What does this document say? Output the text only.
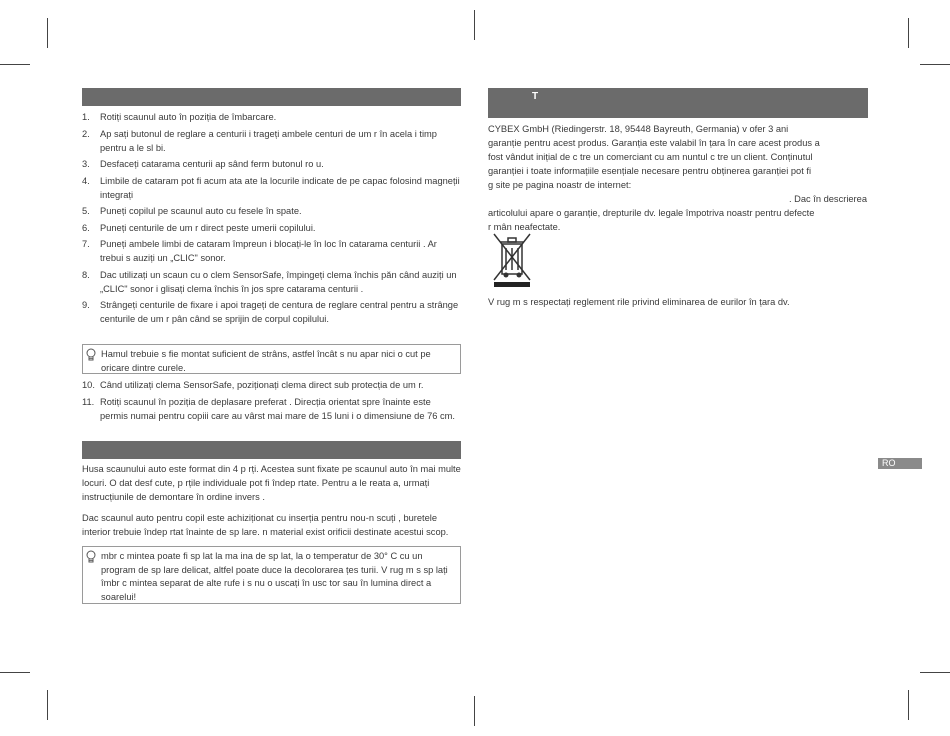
1. Rotiți scaunul auto în poziția de îmbarcare.
2. Ap sați butonul de reglare a centurii i trageți ambele centuri de um r în acela i timp pentru a le sl bi.
3. Desfaceți catarama centurii ap sând ferm butonul ro u.
4. Limbile de cataram pot fi acum ata ate la locurile indicate de pe capac folosind magneții integrați
5. Puneți copilul pe scaunul auto cu fesele în spate.
6. Puneți centurile de um r direct peste umerii copilului.
7. Puneți ambele limbi de cataram împreun i blocați-le în loc în catarama centurii . Ar trebui s auziți un „CLIC" sonor.
8. Dac utilizați un scaun cu o clem SensorSafe, împingeți clema închis păn când auziți un „CLIC" sonor i glisați clema închis în jos spre catarama centurii .
9. Strângeți centurile de fixare i apoi trageți de centura de reglare central pentru a strânge centurile de um r pân când se sprijin de corpul copilului.
Hamul trebuie s fie montat suficient de strâns, astfel încât s nu apar nici o cut pe oricare dintre curele.
10. Când utilizați clema SensorSafe, poziționați clema direct sub protecția de um r.
11. Rotiți scaunul în poziția de deplasare preferat . Direcția orientat spre înainte este permis numai pentru copiii care au vârst mai mare de 15 luni i o dimensiune de 76 cm.

Husa scaunului auto este format din 4 p rți. Acestea sunt fixate pe scaunul auto în mai multe locuri. O dat desf cute, p rțile individuale pot fi îndep rtate. Pentru a le reata a, urmați instrucțiunile de demontare în ordine invers .

Dac scaunul auto pentru copil este achiziționat cu inserția pentru nou-n scuți , buretele interior trebuie îndep rtat înainte de sp lare. n material exist orificii destinate acestui scop.

mbr c mintea poate fi sp lat la ma ina de sp lat, la o temperatur de 30° C cu un program de sp lare delicat, altfel poate duce la decolorarea țes turii. V rug m s sp lați îmbr c mintea separat de alte rufe i s nu o uscați în usc tor sau în lumina direct a soarelui!
T
CYBEX GmbH (Riedingerstr. 18, 95448 Bayreuth, Germania) v ofer 3 ani
garanție pentru acest produs. Garanția este valabil în țara în care acest produs a
fost vândut inițial de c tre un comerciant cu am nuntul c tre un client. Conținutul
garanției i toate informațiile esențiale necesare pentru obținerea garanției pot fi
g site pe pagina noastr de internet:
. Dac în descrierea
articolului apare o garanție, drepturile dv. legale împotriva noastr pentru defecte
r mân neafectate.

V rug m s respectați reglement rile privind eliminarea de eurilor în țara dv.

RO
